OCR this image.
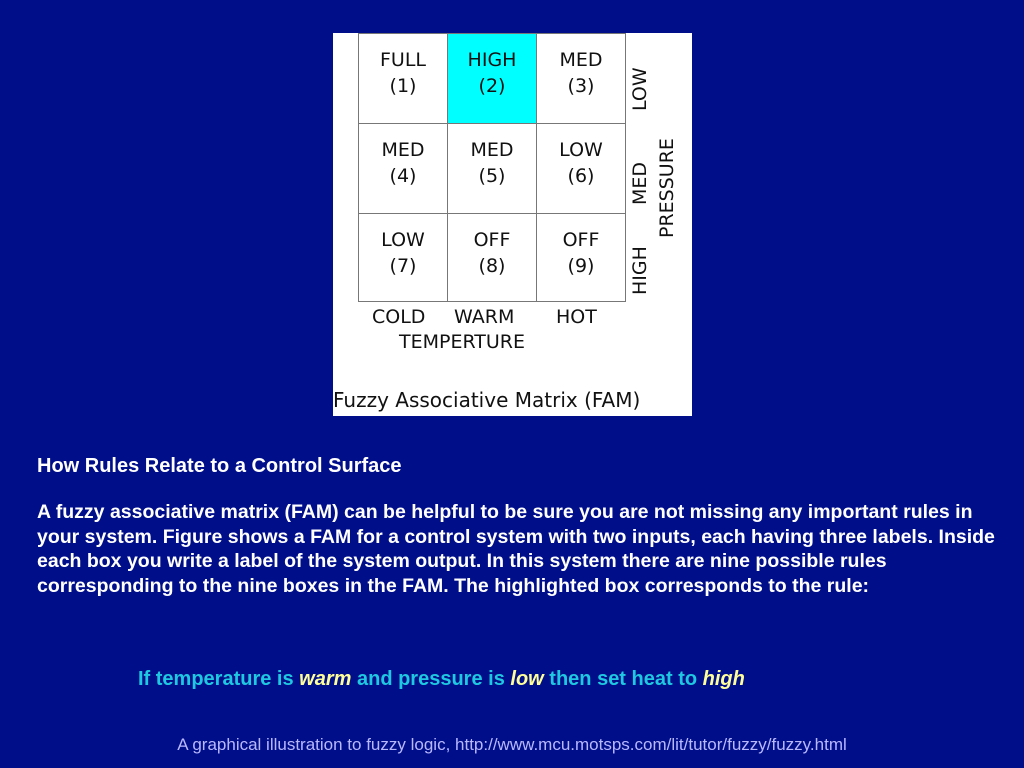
FULL
(1)
HIGH
(2)
MED
(3)
MED
(4)
MED
(5)
LOW
(6)
LOW
(7)
OFF
(8)
OFF
(9)
LOW
MED
HIGH
PRESSURE
COLD WARM HOT
TEMPERTURE
Fuzzy Associative Matrix (FAM)
How Rules Relate to a Control Surface
A fuzzy associative matrix (FAM) can be helpful to be sure you are not missing any important rules in your system. Figure shows a FAM for a control system with two inputs, each having three labels. Inside each box you write a label of the system output. In this system there are nine possible rules corresponding to the nine boxes in the FAM. The highlighted box corresponds to the rule:
If temperature is warm and pressure is low then set heat to high
A graphical illustration to fuzzy logic, http://www.mcu.motsps.com/lit/tutor/fuzzy/fuzzy.html
